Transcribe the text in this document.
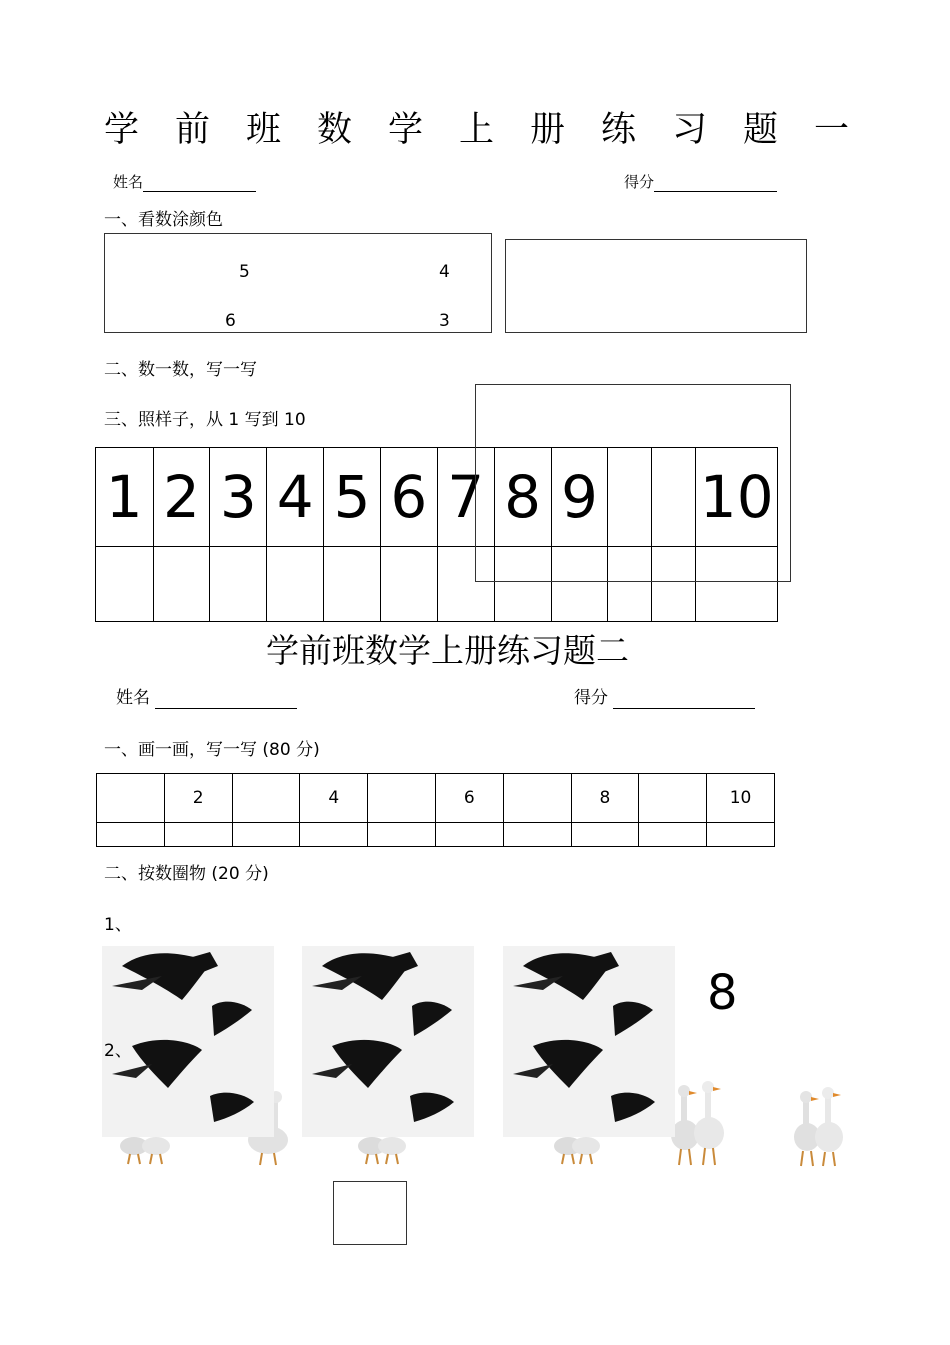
学前班数学上册练习题一
姓名	得分
一、看数涂颜色
5	4
6	3
二、数一数，写一写
三、照样子，从 1 写到 10
1	2	3	4	5	6	7	8	9			10

学前班数学上册练习题二
姓名	得分
一、画一画，写一写 (80 分)
	2		4		6		8		10

二、按数圈物 (20 分)
1、
2、
8
